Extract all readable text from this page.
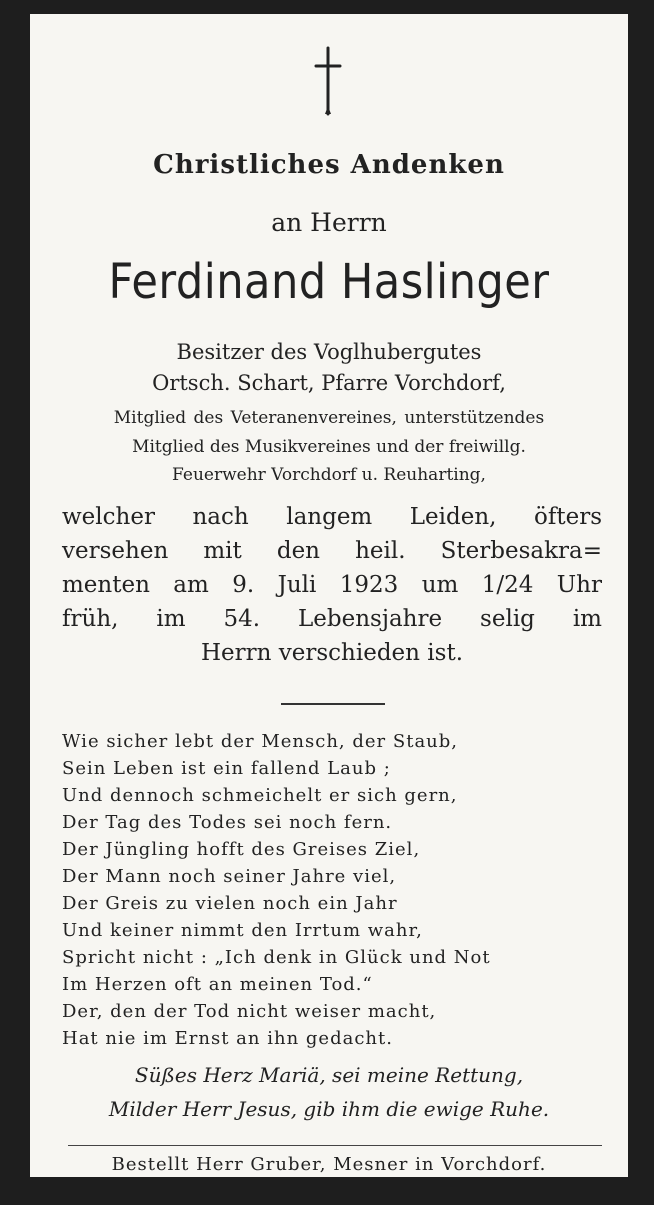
Christliches Andenken
an Herrn
Ferdinand Haslinger
Besitzer des Voglhubergutes
Ortsch. Schart, Pfarre Vorchdorf,
Mitglied des Veteranenvereines, unterstützendes
Mitglied des Musikvereines und der freiwillg.
Feuerwehr Vorchdorf u. Reuharting,
welcher nach langem Leiden, öfters
versehen mit den heil. Sterbesakra=
menten am 9. Juli 1923 um 1/24 Uhr
früh, im 54. Lebensjahre selig im
Herrn verschieden ist.
Wie sicher lebt der Mensch, der Staub,
Sein Leben ist ein fallend Laub ;
Und dennoch schmeichelt er sich gern,
Der Tag des Todes sei noch fern.
Der Jüngling hofft des Greises Ziel,
Der Mann noch seiner Jahre viel,
Der Greis zu vielen noch ein Jahr
Und keiner nimmt den Irrtum wahr,
Spricht nicht : „Ich denk in Glück und Not
Im Herzen oft an meinen Tod.“
Der, den der Tod nicht weiser macht,
Hat nie im Ernst an ihn gedacht.
Süßes Herz Mariä, sei meine Rettung,
Milder Herr Jesus, gib ihm die ewige Ruhe.
Bestellt Herr Gruber, Mesner in Vorchdorf.
